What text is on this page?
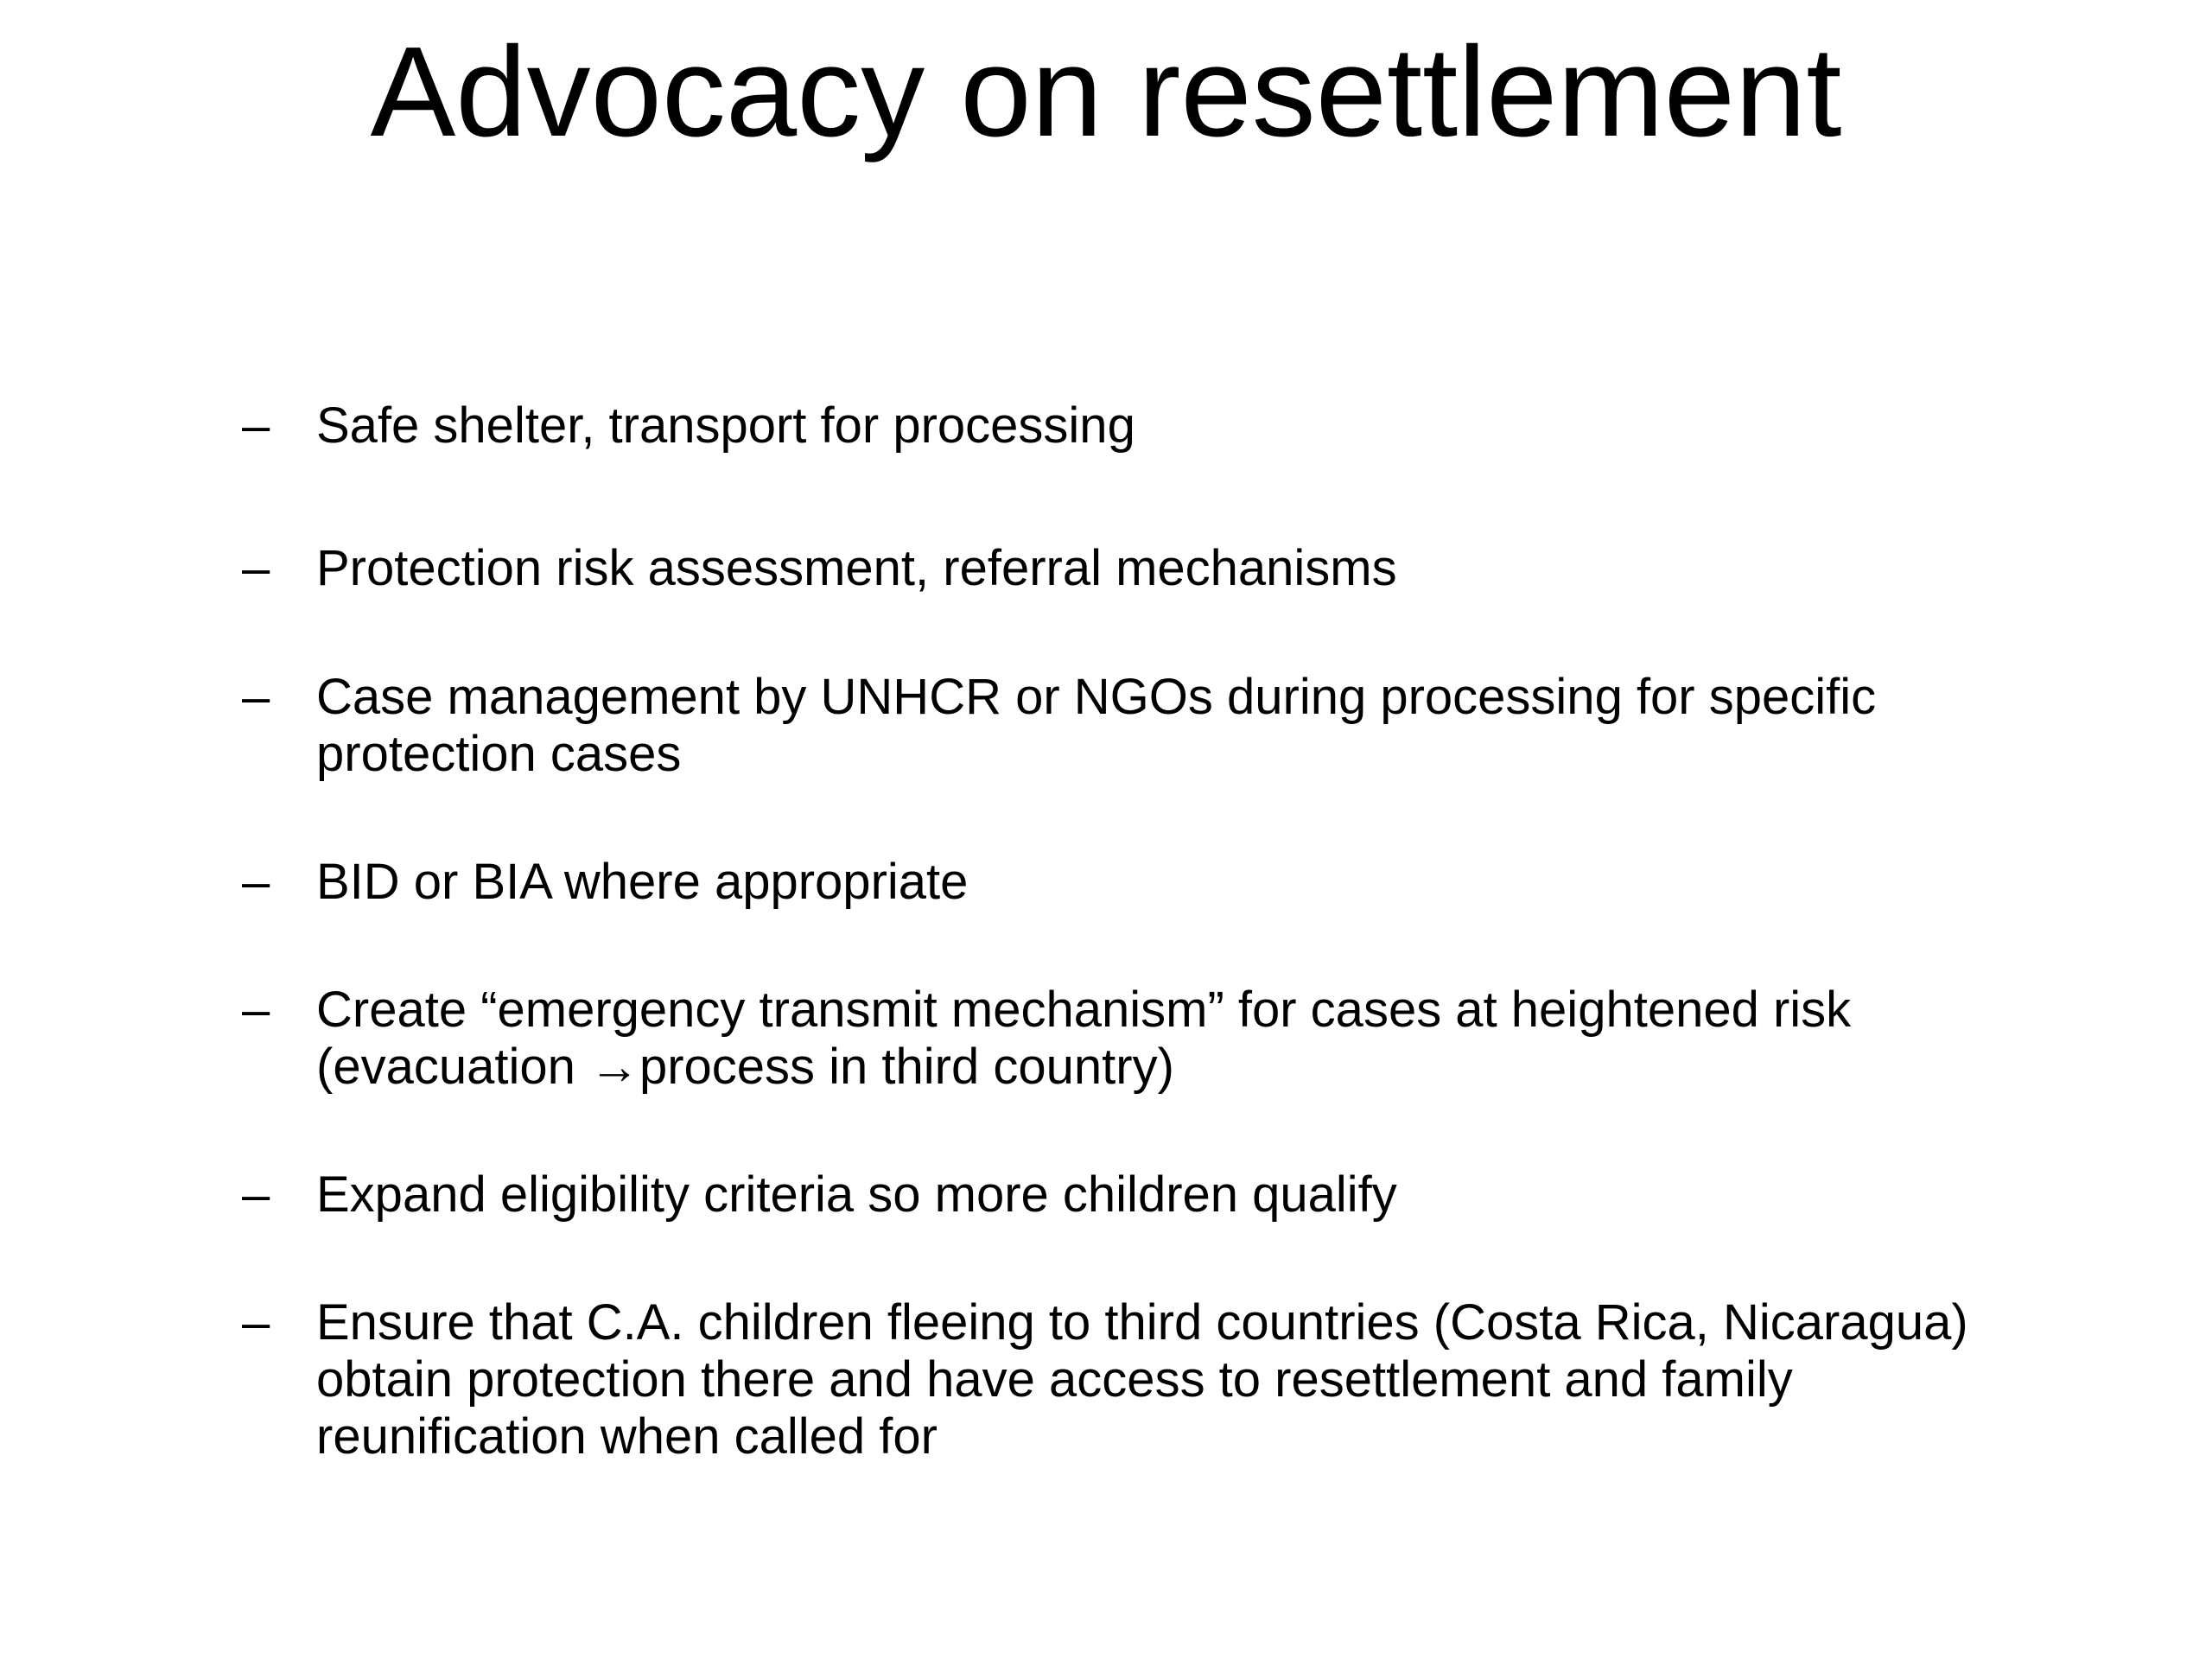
Advocacy on resettlement
– Safe shelter, transport for processing
– Protection risk assessment, referral mechanisms
– Case management by UNHCR or NGOs during processing for specific
protection cases
– BID or BIA where appropriate
– Create “emergency transmit mechanism” for cases at heightened risk
(evacuation →process in third country)
– Expand eligibility criteria so more children qualify
– Ensure that C.A. children fleeing to third countries (Costa Rica, Nicaragua)
obtain protection there and have access to resettlement and family
reunification when called for
